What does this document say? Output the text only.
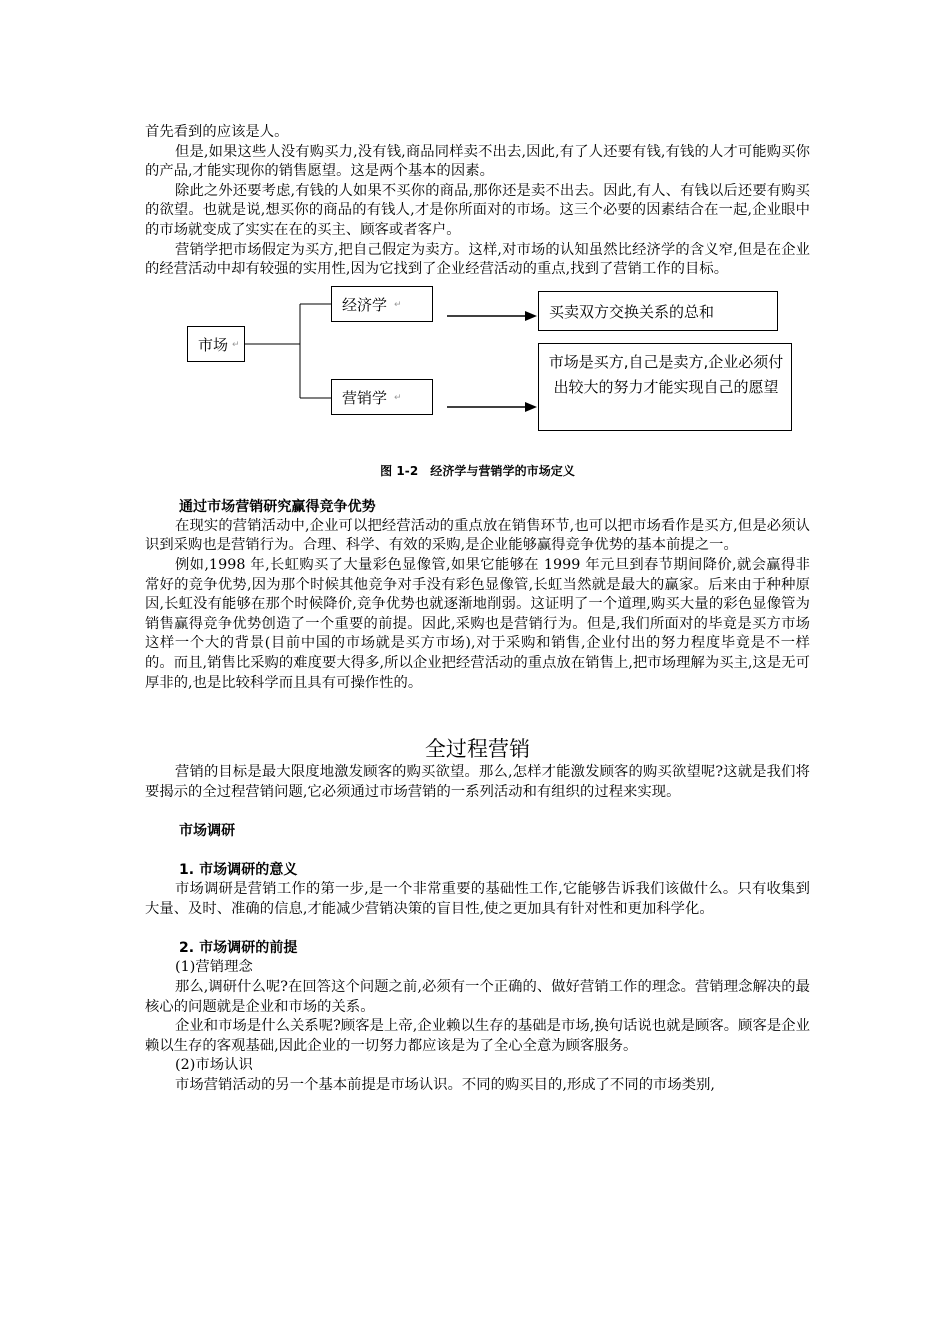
首先看到的应该是人。

但是,如果这些人没有购买力,没有钱,商品同样卖不出去,因此,有了人还要有钱,有钱的人才可能购买你的产品,才能实现你的销售愿望。这是两个基本的因素。

除此之外还要考虑,有钱的人如果不买你的商品,那你还是卖不出去。因此,有人、有钱以后还要有购买的欲望。也就是说,想买你的商品的有钱人,才是你所面对的市场。这三个必要的因素结合在一起,企业眼中的市场就变成了实实在在的买主、顾客或者客户。

营销学把市场假定为买方,把自己假定为卖方。这样,对市场的认知虽然比经济学的含义窄,但是在企业的经营活动中却有较强的实用性,因为它找到了企业经营活动的重点,找到了营销工作的目标。

市场 ↵
经济学 ↵
营销学 ↵
买卖双方交换关系的总和
市场是买方,自己是卖方,企业必须付出较大的努力才能实现自己的愿望

图 1-2　经济学与营销学的市场定义

通过市场营销研究赢得竞争优势

在现实的营销活动中,企业可以把经营活动的重点放在销售环节,也可以把市场看作是买方,但是必须认识到采购也是营销行为。合理、科学、有效的采购,是企业能够赢得竞争优势的基本前提之一。

例如,1998 年,长虹购买了大量彩色显像管,如果它能够在 1999 年元旦到春节期间降价,就会赢得非常好的竞争优势,因为那个时候其他竞争对手没有彩色显像管,长虹当然就是最大的赢家。后来由于种种原因,长虹没有能够在那个时候降价,竞争优势也就逐渐地削弱。这证明了一个道理,购买大量的彩色显像管为销售赢得竞争优势创造了一个重要的前提。因此,采购也是营销行为。但是,我们所面对的毕竟是买方市场这样一个大的背景(目前中国的市场就是买方市场),对于采购和销售,企业付出的努力程度毕竟是不一样的。而且,销售比采购的难度要大得多,所以企业把经营活动的重点放在销售上,把市场理解为买主,这是无可厚非的,也是比较科学而且具有可操作性的。

全过程营销

营销的目标是最大限度地激发顾客的购买欲望。那么,怎样才能激发顾客的购买欲望呢?这就是我们将要揭示的全过程营销问题,它必须通过市场营销的一系列活动和有组织的过程来实现。

市场调研

1. 市场调研的意义

市场调研是营销工作的第一步,是一个非常重要的基础性工作,它能够告诉我们该做什么。只有收集到大量、及时、准确的信息,才能减少营销决策的盲目性,使之更加具有针对性和更加科学化。

2. 市场调研的前提

(1)营销理念

那么,调研什么呢?在回答这个问题之前,必须有一个正确的、做好营销工作的理念。营销理念解决的最核心的问题就是企业和市场的关系。

企业和市场是什么关系呢?顾客是上帝,企业赖以生存的基础是市场,换句话说也就是顾客。顾客是企业赖以生存的客观基础,因此企业的一切努力都应该是为了全心全意为顾客服务。

(2)市场认识

市场营销活动的另一个基本前提是市场认识。不同的购买目的,形成了不同的市场类别,
